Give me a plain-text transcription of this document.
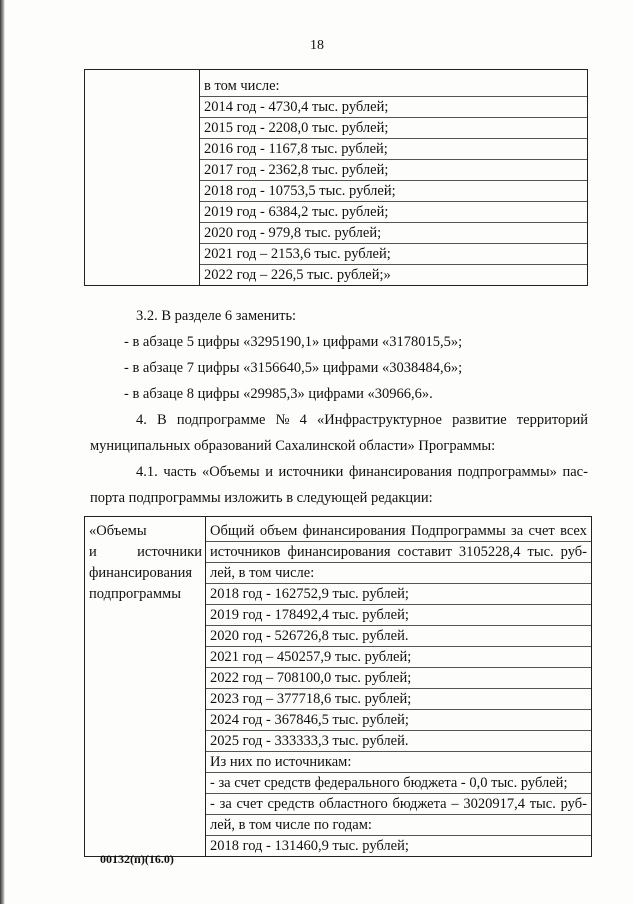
18

в том числе:
2014 год - 4730,4 тыс. рублей;
2015 год - 2208,0 тыс. рублей;
2016 год - 1167,8 тыс. рублей;
2017 год - 2362,8 тыс. рублей;
2018 год - 10753,5 тыс. рублей;
2019 год - 6384,2 тыс. рублей;
2020 год - 979,8 тыс. рублей;
2021 год – 2153,6 тыс. рублей;
2022 год – 226,5 тыс. рублей;»
3.2. В разделе 6 заменить:
- в абзаце 5 цифры «3295190,1» цифрами «3178015,5»;
- в абзаце 7 цифры «3156640,5» цифрами «3038484,6»;
- в абзаце 8 цифры «29985,3» цифрами «30966,6».
4. В подпрограмме № 4 «Инфраструктурное развитие территорий
муниципальных образований Сахалинской области» Программы:
4.1. часть «Объемы и источники финансирования подпрограммы» пас-
порта подпрограммы изложить в следующей редакции:
«Объемы
и	источники
финансирования
подпрограммы

Общий объем финансирования Подпрограммы за счет всех
источников финансирования составит 3105228,4 тыс. руб-
лей, в том числе:
2018 год - 162752,9 тыс. рублей;
2019 год - 178492,4 тыс. рублей;
2020 год - 526726,8 тыс. рублей.
2021 год – 450257,9 тыс. рублей;
2022 год – 708100,0 тыс. рублей;
2023 год – 377718,6 тыс. рублей;
2024 год - 367846,5 тыс. рублей;
2025 год - 333333,3 тыс. рублей.
Из них по источникам:
- за счет средств федерального бюджета - 0,0 тыс. рублей;
- за счет средств областного бюджета – 3020917,4 тыс. руб-
лей, в том числе по годам:
2018 год - 131460,9 тыс. рублей;
00132(п)(16.0)
